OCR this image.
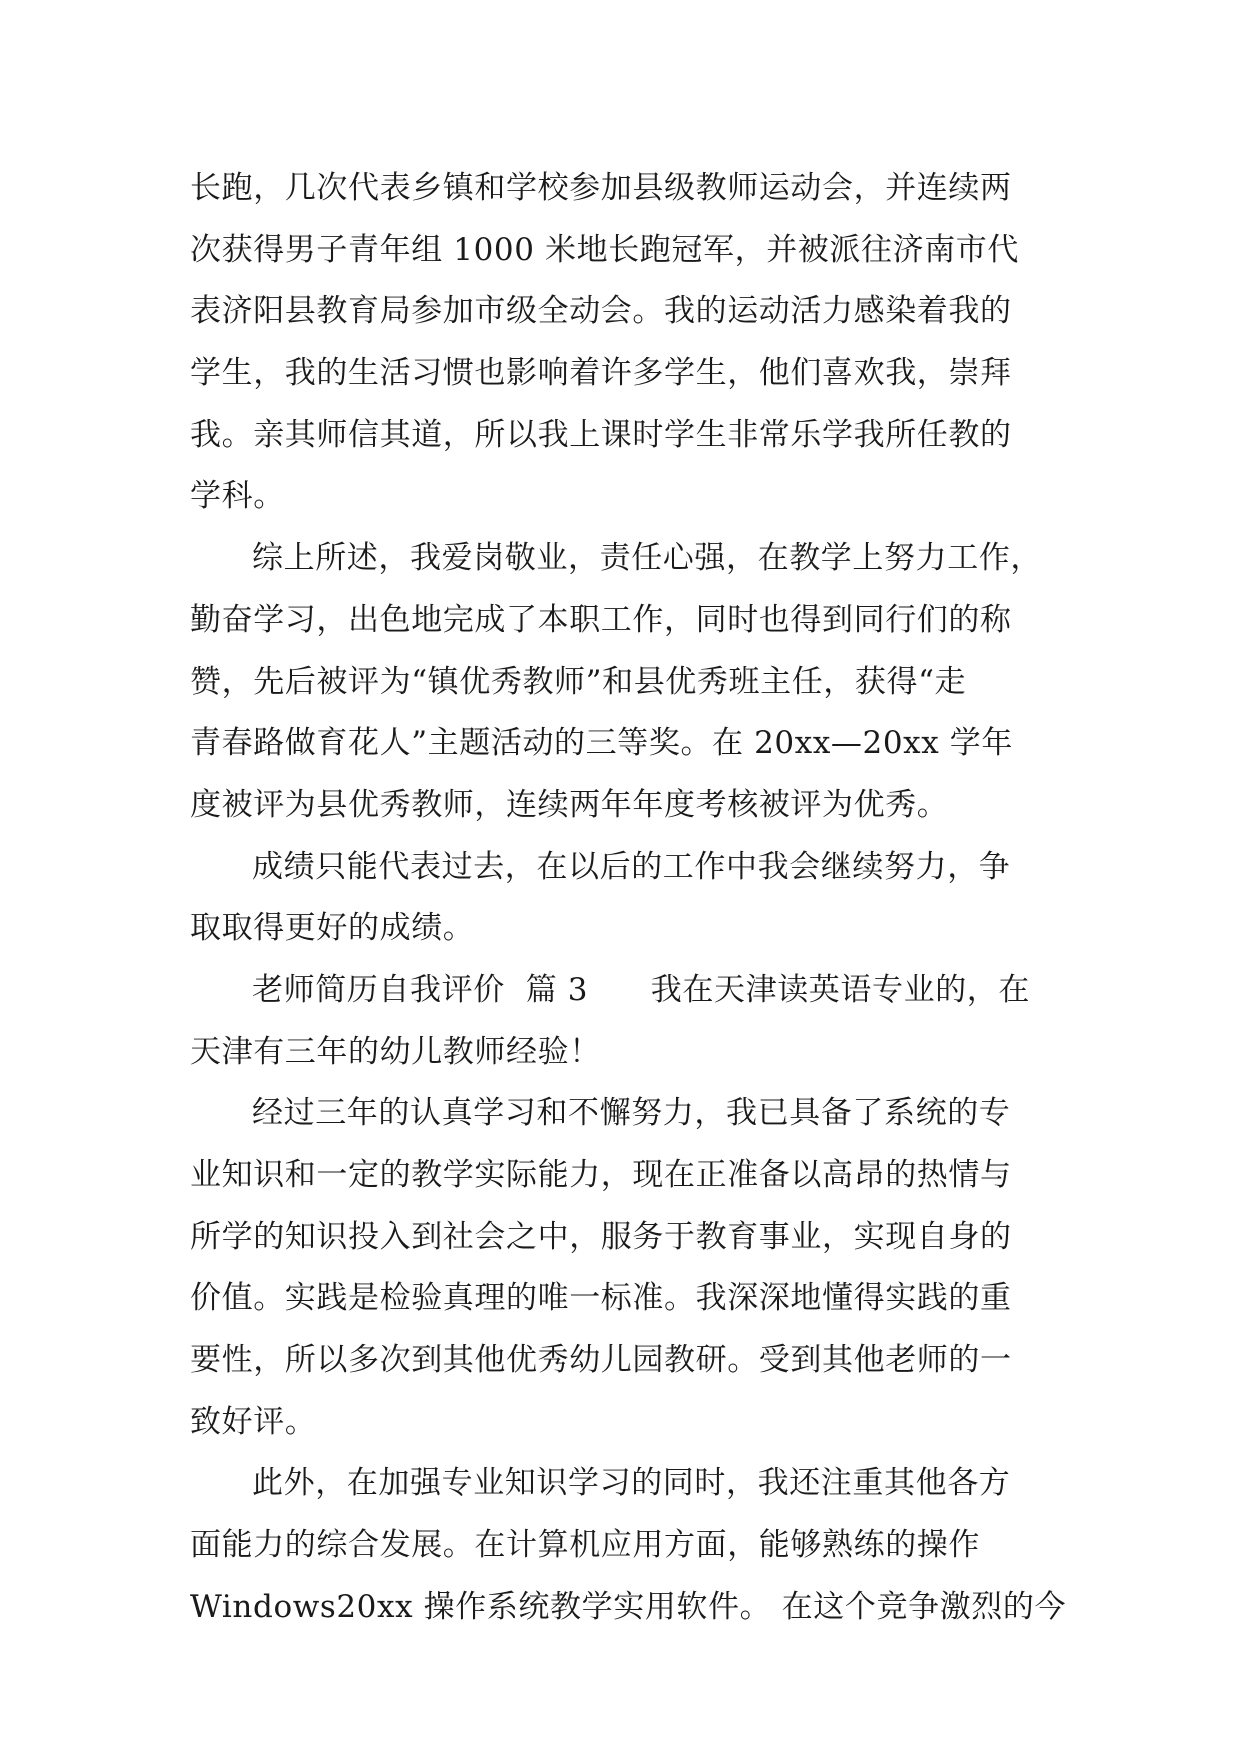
长跑，几次代表乡镇和学校参加县级教师运动会，并连续两
次获得男子青年组 1000 米地长跑冠军，并被派往济南市代
表济阳县教育局参加市级全动会。我的运动活力感染着我的
学生，我的生活习惯也影响着许多学生，他们喜欢我，崇拜
我。亲其师信其道，所以我上课时学生非常乐学我所任教的
学科。
综上所述，我爱岗敬业，责任心强，在教学上努力工作，
勤奋学习，出色地完成了本职工作，同时也得到同行们的称
赞，先后被评为“镇优秀教师”和县优秀班主任，获得“走
青春路做育花人”主题活动的三等奖。在 20xx—20xx 学年
度被评为县优秀教师，连续两年年度考核被评为优秀。
成绩只能代表过去，在以后的工作中我会继续努力，争
取取得更好的成绩。
老师简历自我评价  篇 3      我在天津读英语专业的，在
天津有三年的幼儿教师经验！
经过三年的认真学习和不懈努力，我已具备了系统的专
业知识和一定的教学实际能力，现在正准备以高昂的热情与
所学的知识投入到社会之中，服务于教育事业，实现自身的
价值。实践是检验真理的唯一标准。我深深地懂得实践的重
要性，所以多次到其他优秀幼儿园教研。受到其他老师的一
致好评。
此外，在加强专业知识学习的同时，我还注重其他各方
面能力的综合发展。在计算机应用方面，能够熟练的操作
Windows20xx 操作系统教学实用软件。 在这个竞争激烈的今
